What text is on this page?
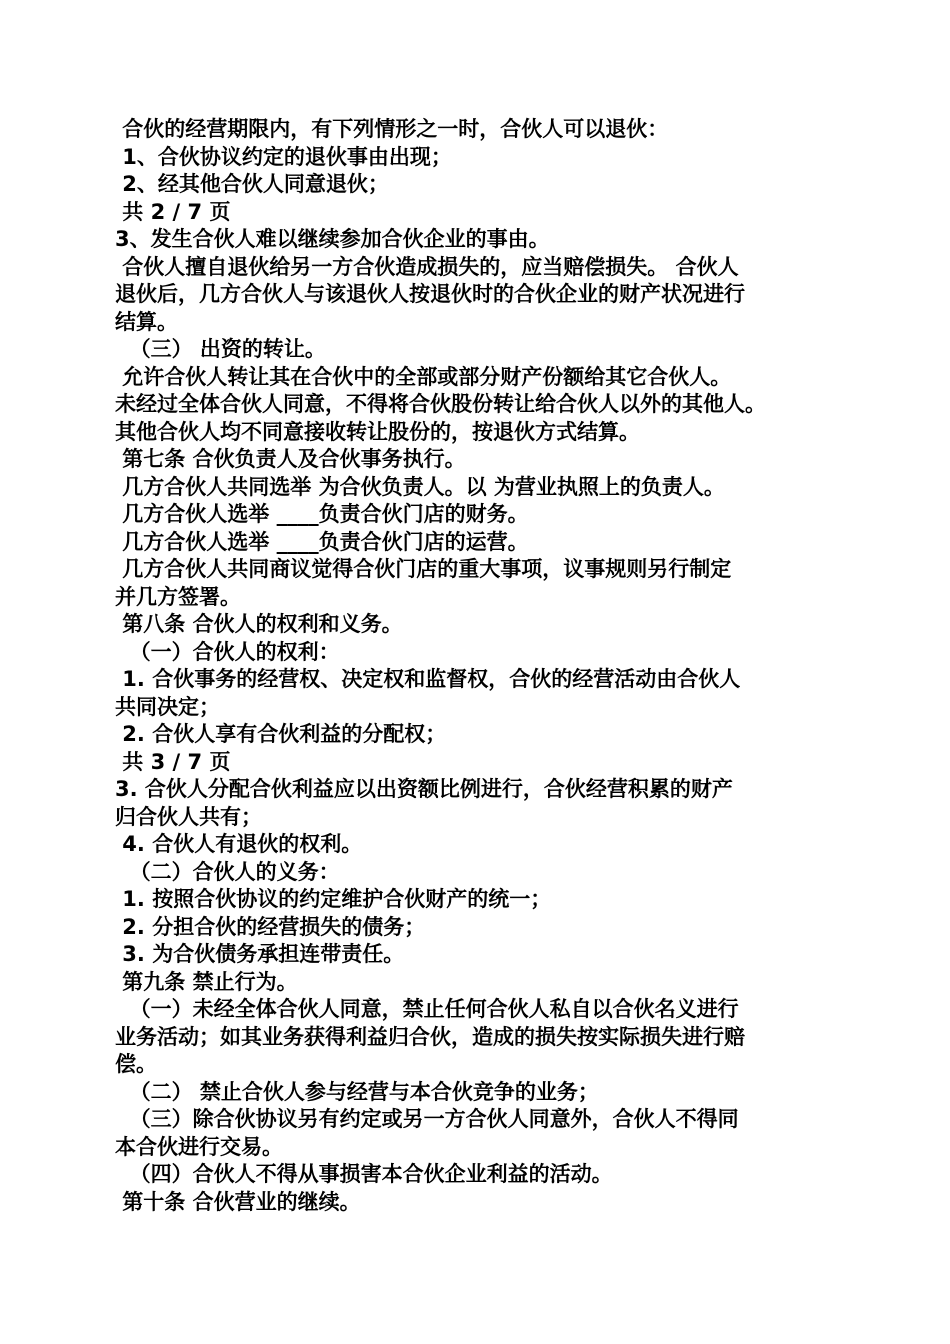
合伙的经营期限内，有下列情形之一时，合伙人可以退伙：
1、合伙协议约定的退伙事由出现；
2、经其他合伙人同意退伙；
共 2 / 7 页
3、发生合伙人难以继续参加合伙企业的事由。
合伙人擅自退伙给另一方合伙造成损失的，应当赔偿损失。 合伙人
退伙后，几方合伙人与该退伙人按退伙时的合伙企业的财产状况进行
结算。
（三） 出资的转让。
允许合伙人转让其在合伙中的全部或部分财产份额给其它合伙人。
未经过全体合伙人同意，不得将合伙股份转让给合伙人以外的其他人。
其他合伙人均不同意接收转让股份的，按退伙方式结算。
第七条 合伙负责人及合伙事务执行。
几方合伙人共同选举 为合伙负责人。以 为营业执照上的负责人。
几方合伙人选举 ____负责合伙门店的财务。
几方合伙人选举 ____负责合伙门店的运营。
几方合伙人共同商议觉得合伙门店的重大事项，议事规则另行制定
并几方签署。
第八条 合伙人的权利和义务。
（一）合伙人的权利：
1. 合伙事务的经营权、决定权和监督权，合伙的经营活动由合伙人
共同决定；
2. 合伙人享有合伙利益的分配权；
共 3 / 7 页
3. 合伙人分配合伙利益应以出资额比例进行，合伙经营积累的财产
归合伙人共有；
4. 合伙人有退伙的权利。
（二）合伙人的义务：
1. 按照合伙协议的约定维护合伙财产的统一；
2. 分担合伙的经营损失的债务；
3. 为合伙债务承担连带责任。
第九条 禁止行为。
（一）未经全体合伙人同意，禁止任何合伙人私自以合伙名义进行
业务活动；如其业务获得利益归合伙，造成的损失按实际损失进行赔
偿。
（二） 禁止合伙人参与经营与本合伙竞争的业务；
（三）除合伙协议另有约定或另一方合伙人同意外，合伙人不得同
本合伙进行交易。
（四）合伙人不得从事损害本合伙企业利益的活动。
第十条 合伙营业的继续。
